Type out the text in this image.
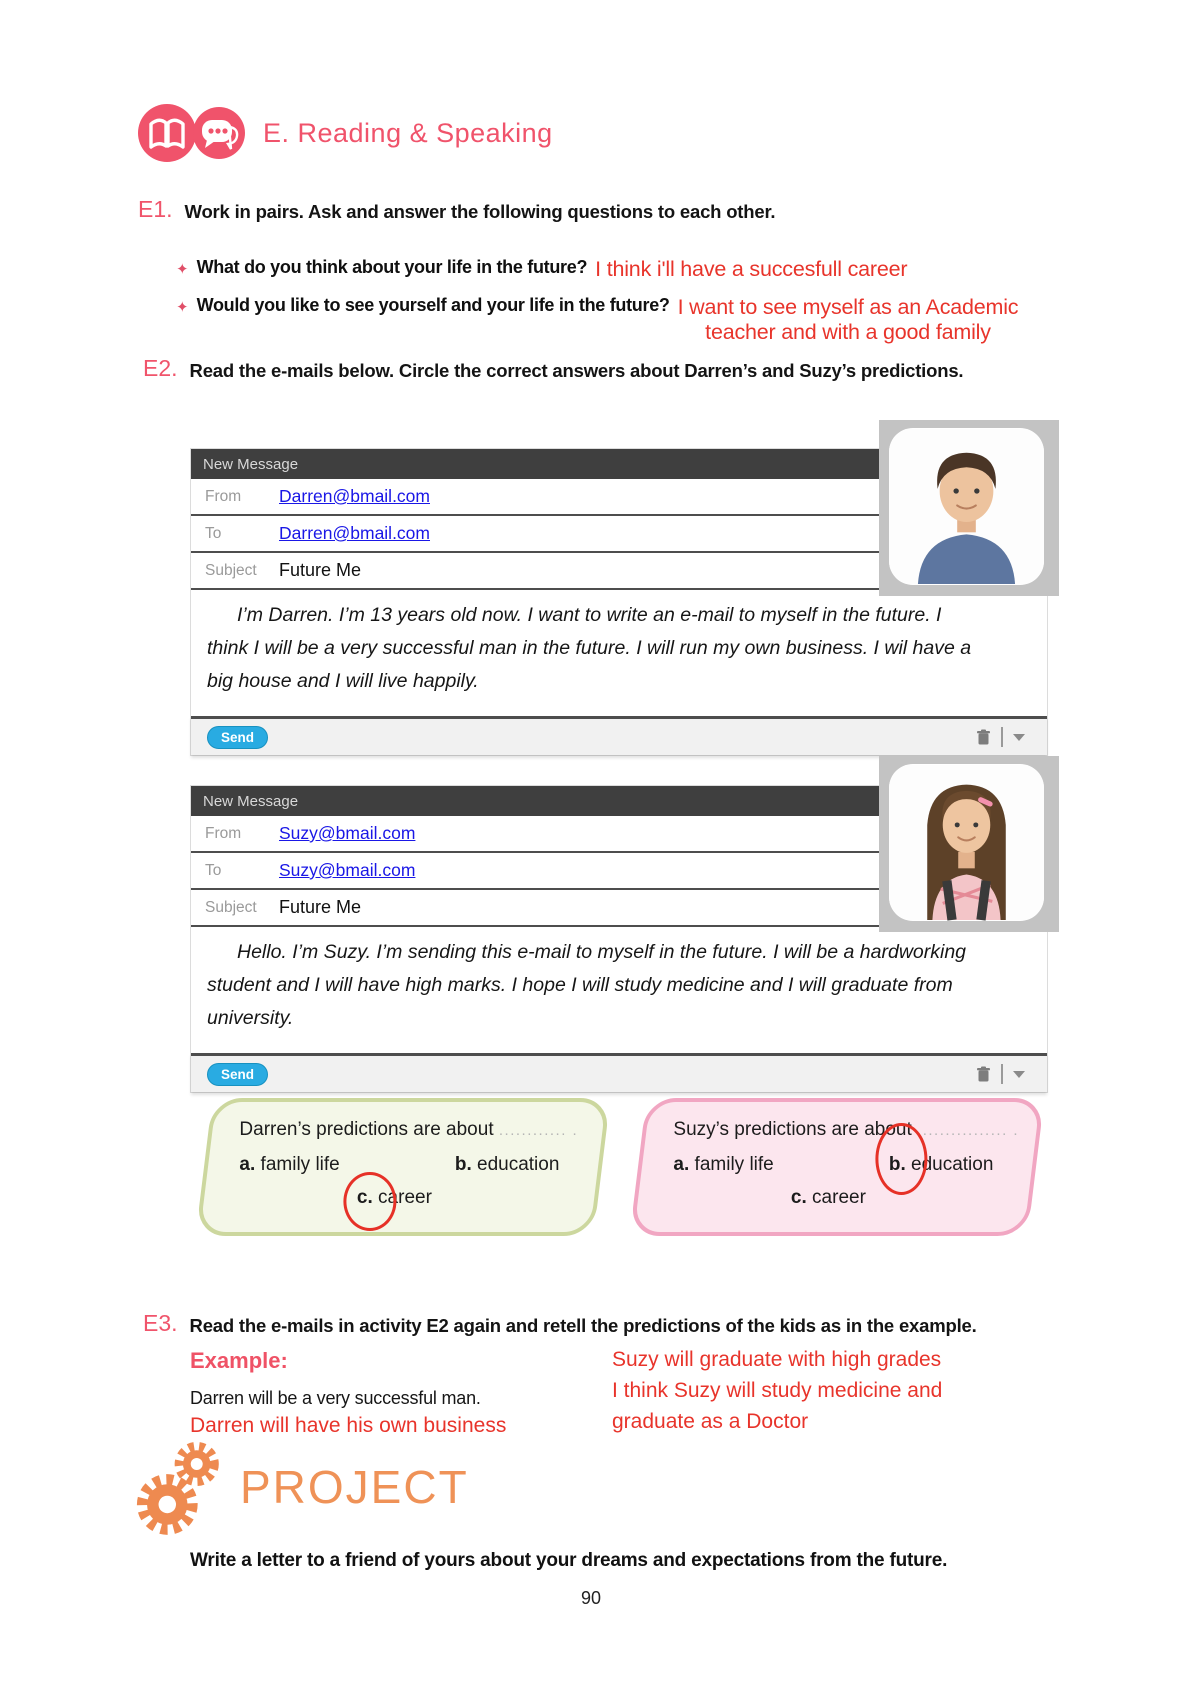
E. Reading & Speaking
E1. Work in pairs. Ask and answer the following questions to each other.
✦ What do you think about your life in the future? I think i'll have a succesfull career
✦ Would you like to see yourself and your life in the future? I want to see myself as an Academic
teacher and with a good family
E2. Read the e-mails below. Circle the correct answers about Darren’s and Suzy’s predictions.
New Message
From	Darren@bmail.com
To	Darren@bmail.com
Subject	Future Me
I’m Darren. I’m 13 years old now. I want to write an e-mail to myself in the future. I think I will be a very successful man in the future. I will run my own business. I wil have a big house and I will live happily.
Send
New Message
From	Suzy@bmail.com
To	Suzy@bmail.com
Subject	Future Me
Hello. I’m Suzy. I’m sending this e-mail to myself in the future. I will be a hardworking student and I will have high marks. I hope I will study medicine and I will graduate from university.
Send
Darren’s predictions are about ............ .
a. family life	b. education
c. career
Suzy’s predictions are about ................ .
a. family life	b. education
c. career
E3. Read the e-mails in activity E2 again and retell the predictions of the kids as in the example.
Example:
Darren will be a very successful man.
Darren will have his own business
Suzy will graduate with high grades
I think Suzy will study medicine and
graduate as a Doctor
PROJECT
Write a letter to a friend of yours about your dreams and expectations from the future.
90
